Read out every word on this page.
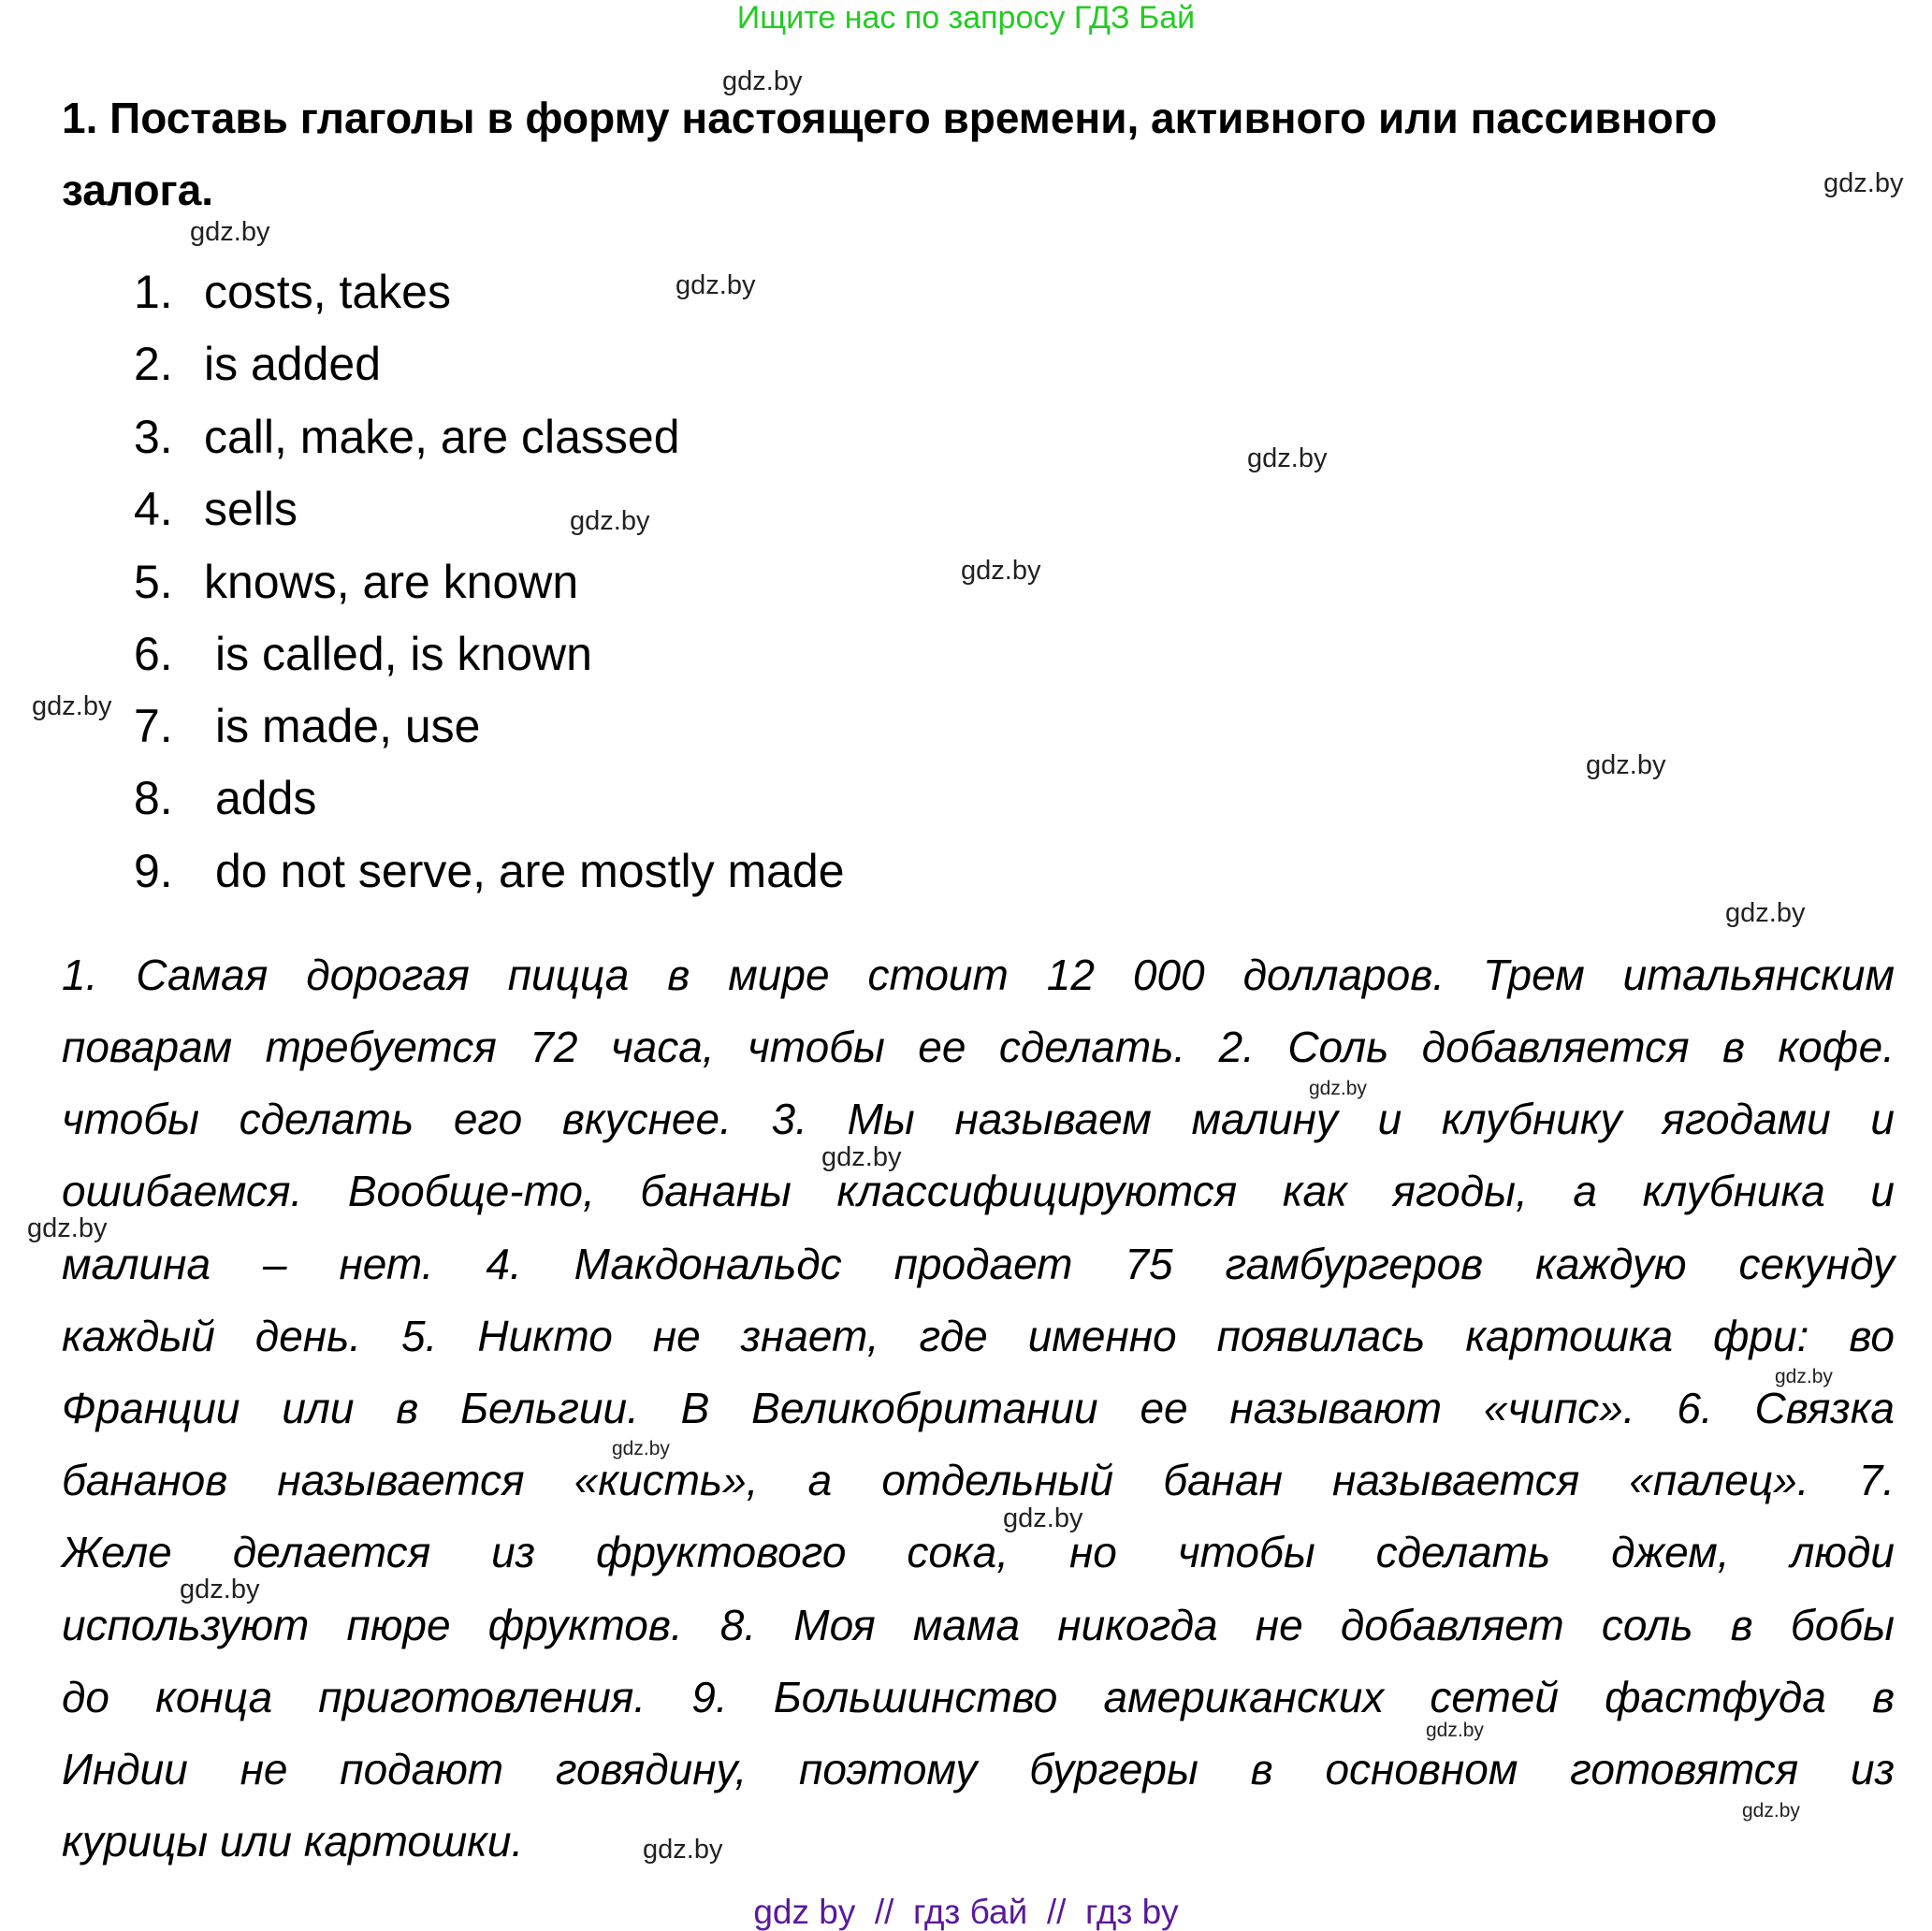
Ищите нас по запросу ГДЗ Бай
1. Поставь глаголы в форму настоящего времени, активного или пассивного
залога.
1. costs, takes
2. is added
3. call, make, are classed
4. sells
5. knows, are known
6. is called, is known
7. is made, use
8. adds
9. do not serve, are mostly made
1. Самая дорогая пицца в мире стоит 12 000 долларов. Трем итальянским
поварам требуется 72 часа, чтобы ее сделать. 2. Соль добавляется в кофе.
чтобы сделать его вкуснее. 3. Мы называем малину и клубнику ягодами и
ошибаемся. Вообще-то, бананы классифицируются как ягоды, а клубника и
малина – нет. 4. Макдональдс продает 75 гамбургеров каждую секунду
каждый день. 5. Никто не знает, где именно появилась картошка фри: во
Франции или в Бельгии. В Великобритании ее называют «чипс». 6. Связка
бананов называется «кисть», а отдельный банан называется «палец». 7.
Желе делается из фруктового сока, но чтобы сделать джем, люди
используют пюре фруктов. 8. Моя мама никогда не добавляет соль в бобы
до конца приготовления. 9. Большинство американских сетей фастфуда в
Индии не подают говядину, поэтому бургеры в основном готовятся из
курицы или картошки.
gdz.by
gdz.by
gdz.by
gdz.by
gdz.by
gdz.by
gdz.by
gdz.by
gdz.by
gdz.by
gdz.by
gdz.by
gdz.by
gdz.by
gdz.by
gdz.by
gdz.by
gdz.by
gdz.by
gdz.by
gdz by  //  гдз бай  //  гдз by
